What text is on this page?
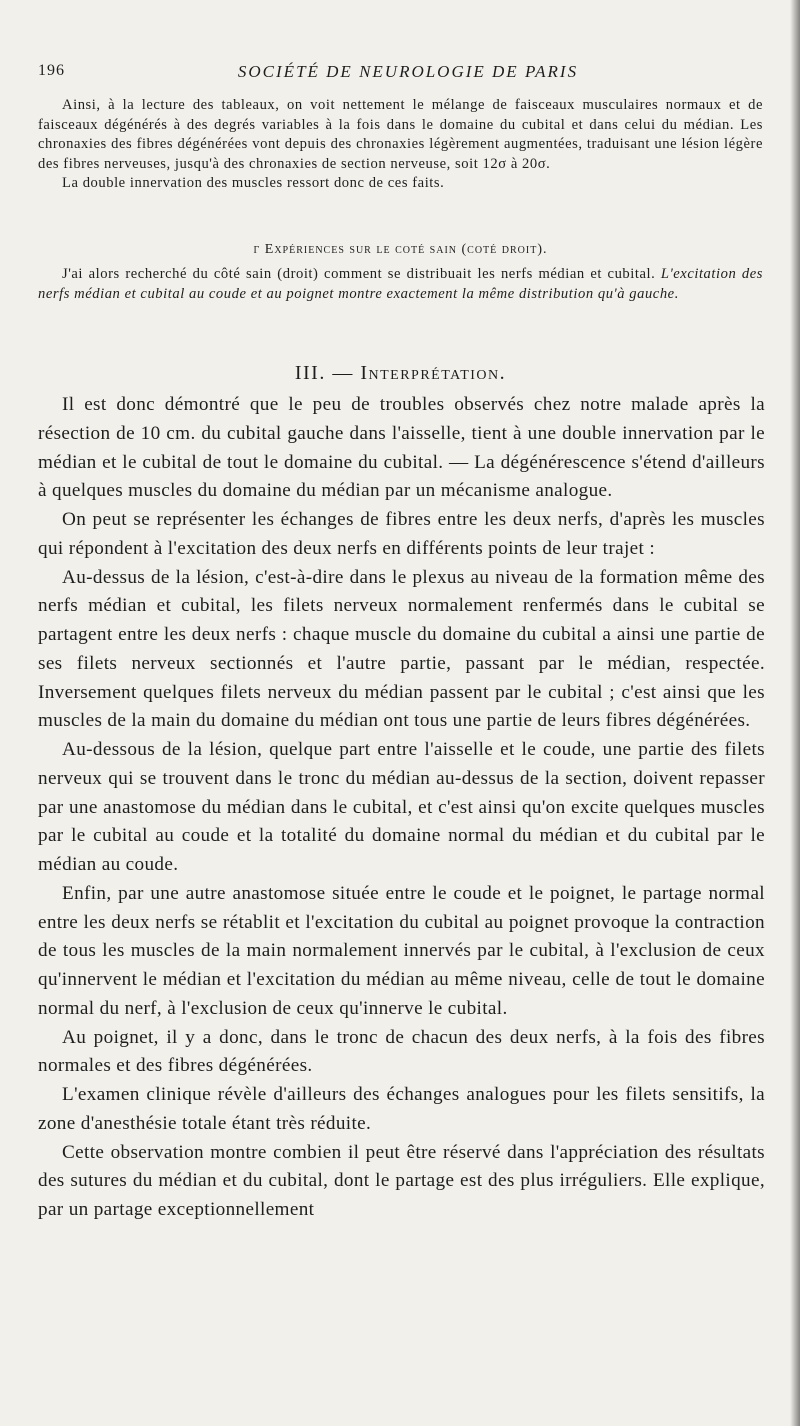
196	SOCIÉTÉ DE NEUROLOGIE DE PARIS

Ainsi, à la lecture des tableaux, on voit nettement le mélange de faisceaux musculaires normaux et de faisceaux dégénérés à des degrés variables à la fois dans le domaine du cubital et dans celui du médian. Les chronaxies des fibres dégénérées vont depuis des chronaxies légèrement augmentées, traduisant une lésion légère des fibres nerveuses, jusqu'à des chronaxies de section nerveuse, soit 12σ à 20σ.

La double innervation des muscles ressort donc de ces faits.

γ Expériences sur le coté sain (coté droit).

J'ai alors recherché du côté sain (droit) comment se distribuait les nerfs médian et cubital. L'excitation des nerfs médian et cubital au coude et au poignet montre exactement la même distribution qu'à gauche.

III. — Interprétation.

Il est donc démontré que le peu de troubles observés chez notre malade après la résection de 10 cm. du cubital gauche dans l'aisselle, tient à une double innervation par le médian et le cubital de tout le domaine du cubital. — La dégénérescence s'étend d'ailleurs à quelques muscles du domaine du médian par un mécanisme analogue.

On peut se représenter les échanges de fibres entre les deux nerfs, d'après les muscles qui répondent à l'excitation des deux nerfs en différents points de leur trajet :

Au-dessus de la lésion, c'est-à-dire dans le plexus au niveau de la formation même des nerfs médian et cubital, les filets nerveux normalement renfermés dans le cubital se partagent entre les deux nerfs : chaque muscle du domaine du cubital a ainsi une partie de ses filets nerveux sectionnés et l'autre partie, passant par le médian, respectée. Inversement quelques filets nerveux du médian passent par le cubital ; c'est ainsi que les muscles de la main du domaine du médian ont tous une partie de leurs fibres dégénérées.

Au-dessous de la lésion, quelque part entre l'aisselle et le coude, une partie des filets nerveux qui se trouvent dans le tronc du médian au-dessus de la section, doivent repasser par une anastomose du médian dans le cubital, et c'est ainsi qu'on excite quelques muscles par le cubital au coude et la totalité du domaine normal du médian et du cubital par le médian au coude.

Enfin, par une autre anastomose située entre le coude et le poignet, le partage normal entre les deux nerfs se rétablit et l'excitation du cubital au poignet provoque la contraction de tous les muscles de la main normalement innervés par le cubital, à l'exclusion de ceux qu'innervent le médian et l'excitation du médian au même niveau, celle de tout le domaine normal du nerf, à l'exclusion de ceux qu'innerve le cubital.

Au poignet, il y a donc, dans le tronc de chacun des deux nerfs, à la fois des fibres normales et des fibres dégénérées.

L'examen clinique révèle d'ailleurs des échanges analogues pour les filets sensitifs, la zone d'anesthésie totale étant très réduite.

Cette observation montre combien il peut être réservé dans l'appréciation des résultats des sutures du médian et du cubital, dont le partage est des plus irréguliers. Elle explique, par un partage exceptionnellement
